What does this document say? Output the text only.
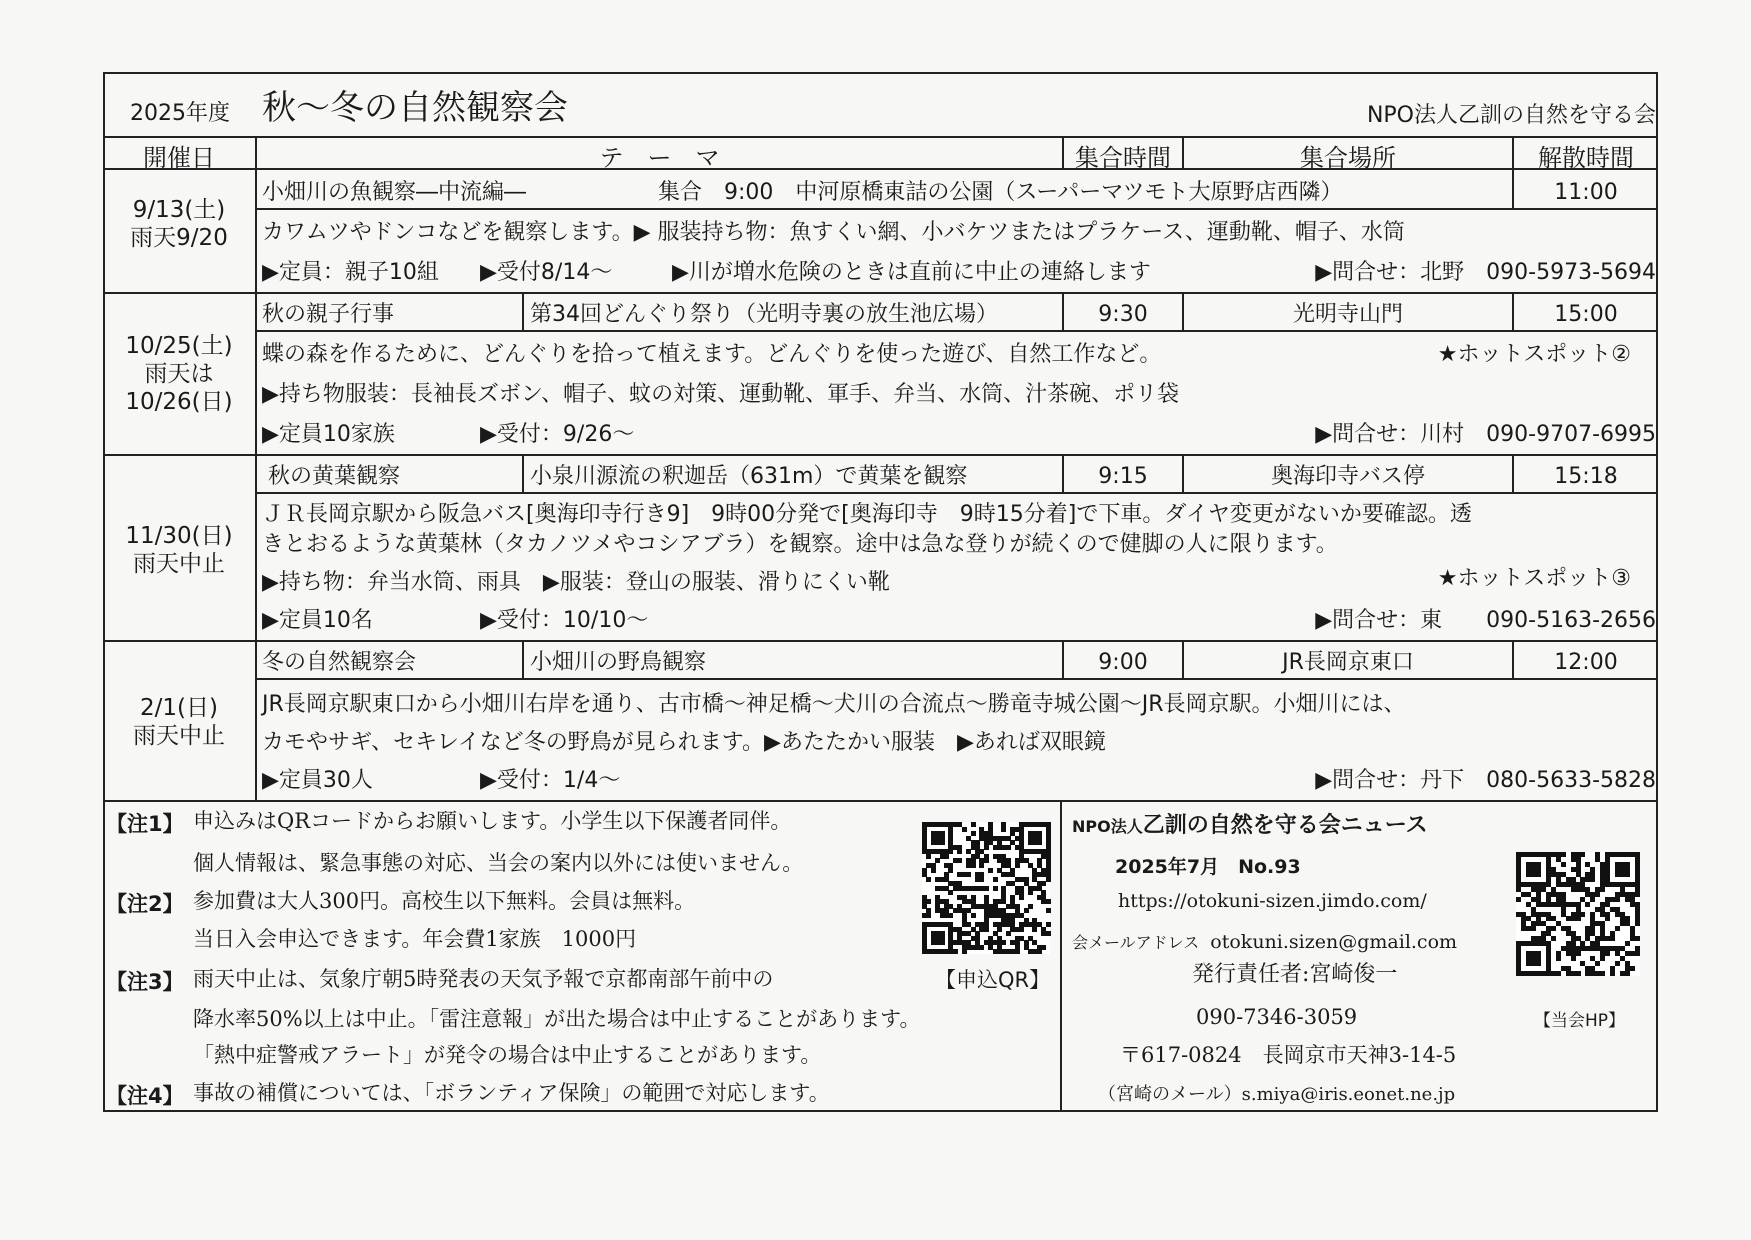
2025年度 秋～冬の自然観察会	NPO法人乙訓の自然を守る会
開催日	テ　ー　マ	集合時間	集合場所	解散時間
9/13(土)
雨天9/20
小畑川の魚観察―中流編―　　　　　　集合　9:00　中河原橋東詰の公園（スーパーマツモト大原野店西隣）	11:00
カワムツやドンコなどを観察します。▶ 服装持ち物：魚すくい網、小バケツまたはプラケース、運動靴、帽子、水筒
▶定員：親子10組 ▶受付8/14～	▶川が増水危険のときは直前に中止の連絡します	▶問合せ：北野　090-5973-5694
10/25(土)
雨天は
10/26(日)
秋の親子行事	第34回どんぐり祭り（光明寺裏の放生池広場）	9:30	光明寺山門	15:00
蝶の森を作るために、どんぐりを拾って植えます。どんぐりを使った遊び、自然工作など。	★ホットスポット②
▶持ち物服装：長袖長ズボン、帽子、蚊の対策、運動靴、軍手、弁当、水筒、汁茶碗、ポリ袋
▶定員10家族	▶受付：9/26～	▶問合せ：川村　090-9707-6995
11/30(日)
雨天中止
秋の黄葉観察	小泉川源流の釈迦岳（631m）で黄葉を観察	9:15	奥海印寺バス停	15:18
ＪＲ長岡京駅から阪急バス[奥海印寺行き9]　9時00分発で[奥海印寺　9時15分着]で下車。ダイヤ変更がないか要確認。透
きとおるような黄葉林（タカノツメやコシアブラ）を観察。途中は急な登りが続くので健脚の人に限ります。
▶持ち物：弁当水筒、雨具　▶服装：登山の服装、滑りにくい靴	★ホットスポット③
▶定員10名	▶受付：10/10～	▶問合せ：東　　090-5163-2656
2/1(日)
雨天中止
冬の自然観察会	小畑川の野鳥観察	9:00	JR長岡京東口	12:00
JR長岡京駅東口から小畑川右岸を通り、古市橋～神足橋～犬川の合流点～勝竜寺城公園～JR長岡京駅。小畑川には、
カモやサギ、セキレイなど冬の野鳥が見られます。▶あたたかい服装　▶あれば双眼鏡
▶定員30人	▶受付：1/4～	▶問合せ：丹下　080-5633-5828
【注1】 申込みはQRコードからお願いします。小学生以下保護者同伴。
個人情報は、緊急事態の対応、当会の案内以外には使いません。
【注2】 参加費は大人300円。高校生以下無料。会員は無料。
当日入会申込できます。年会費1家族　1000円
【注3】 雨天中止は、気象庁朝5時発表の天気予報で京都南部午前中の
降水率50%以上は中止。「雷注意報」が出た場合は中止することがあります。
「熱中症警戒アラート」が発令の場合は中止することがあります。
【注4】 事故の補償については、「ボランティア保険」の範囲で対応します。
【申込QR】
NPO法人乙訓の自然を守る会ニュース
2025年7月　No.93
https://otokuni-sizen.jimdo.com/
会メールアドレス otokuni.sizen@gmail.com
発行責任者:宮崎俊一
090-7346-3059
〒617-0824　長岡京市天神3-14-5
（宮崎のメール）s.miya@iris.eonet.ne.jp
【当会HP】
